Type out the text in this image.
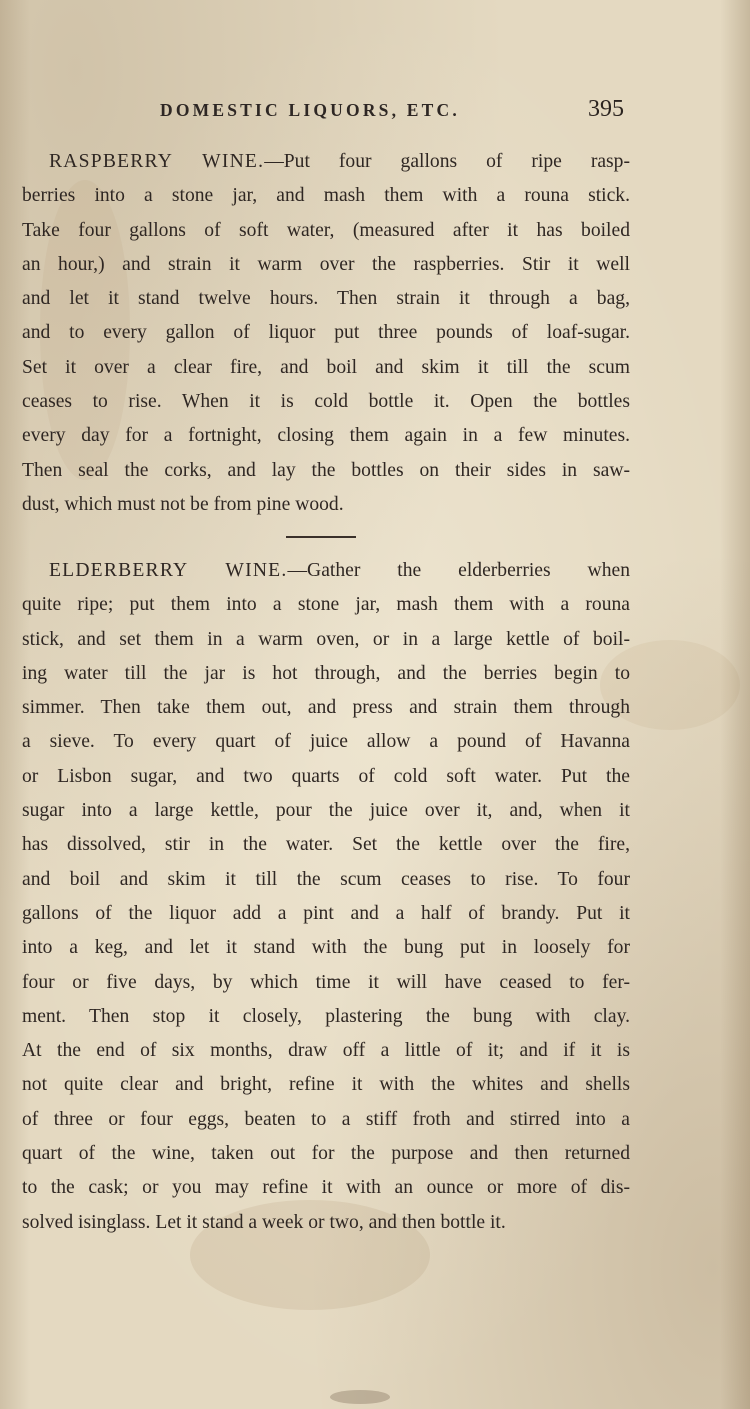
DOMESTIC LIQUORS, ETC.	395
RASPBERRY WINE.—Put four gallons of ripe rasp-
berries into a stone jar, and mash them with a rouna stick.
Take four gallons of soft water, (measured after it has boiled
an hour,) and strain it warm over the raspberries. Stir it well
and let it stand twelve hours. Then strain it through a bag,
and to every gallon of liquor put three pounds of loaf-sugar.
Set it over a clear fire, and boil and skim it till the scum
ceases to rise. When it is cold bottle it. Open the bottles
every day for a fortnight, closing them again in a few minutes.
Then seal the corks, and lay the bottles on their sides in saw-
dust, which must not be from pine wood.
ELDERBERRY WINE.—Gather the elderberries when
quite ripe; put them into a stone jar, mash them with a rouna
stick, and set them in a warm oven, or in a large kettle of boil-
ing water till the jar is hot through, and the berries begin to
simmer. Then take them out, and press and strain them through
a sieve. To every quart of juice allow a pound of Havanna
or Lisbon sugar, and two quarts of cold soft water. Put the
sugar into a large kettle, pour the juice over it, and, when it
has dissolved, stir in the water. Set the kettle over the fire,
and boil and skim it till the scum ceases to rise. To four
gallons of the liquor add a pint and a half of brandy. Put it
into a keg, and let it stand with the bung put in loosely for
four or five days, by which time it will have ceased to fer-
ment. Then stop it closely, plastering the bung with clay.
At the end of six months, draw off a little of it; and if it is
not quite clear and bright, refine it with the whites and shells
of three or four eggs, beaten to a stiff froth and stirred into a
quart of the wine, taken out for the purpose and then returned
to the cask; or you may refine it with an ounce or more of dis-
solved isinglass. Let it stand a week or two, and then bottle it.
